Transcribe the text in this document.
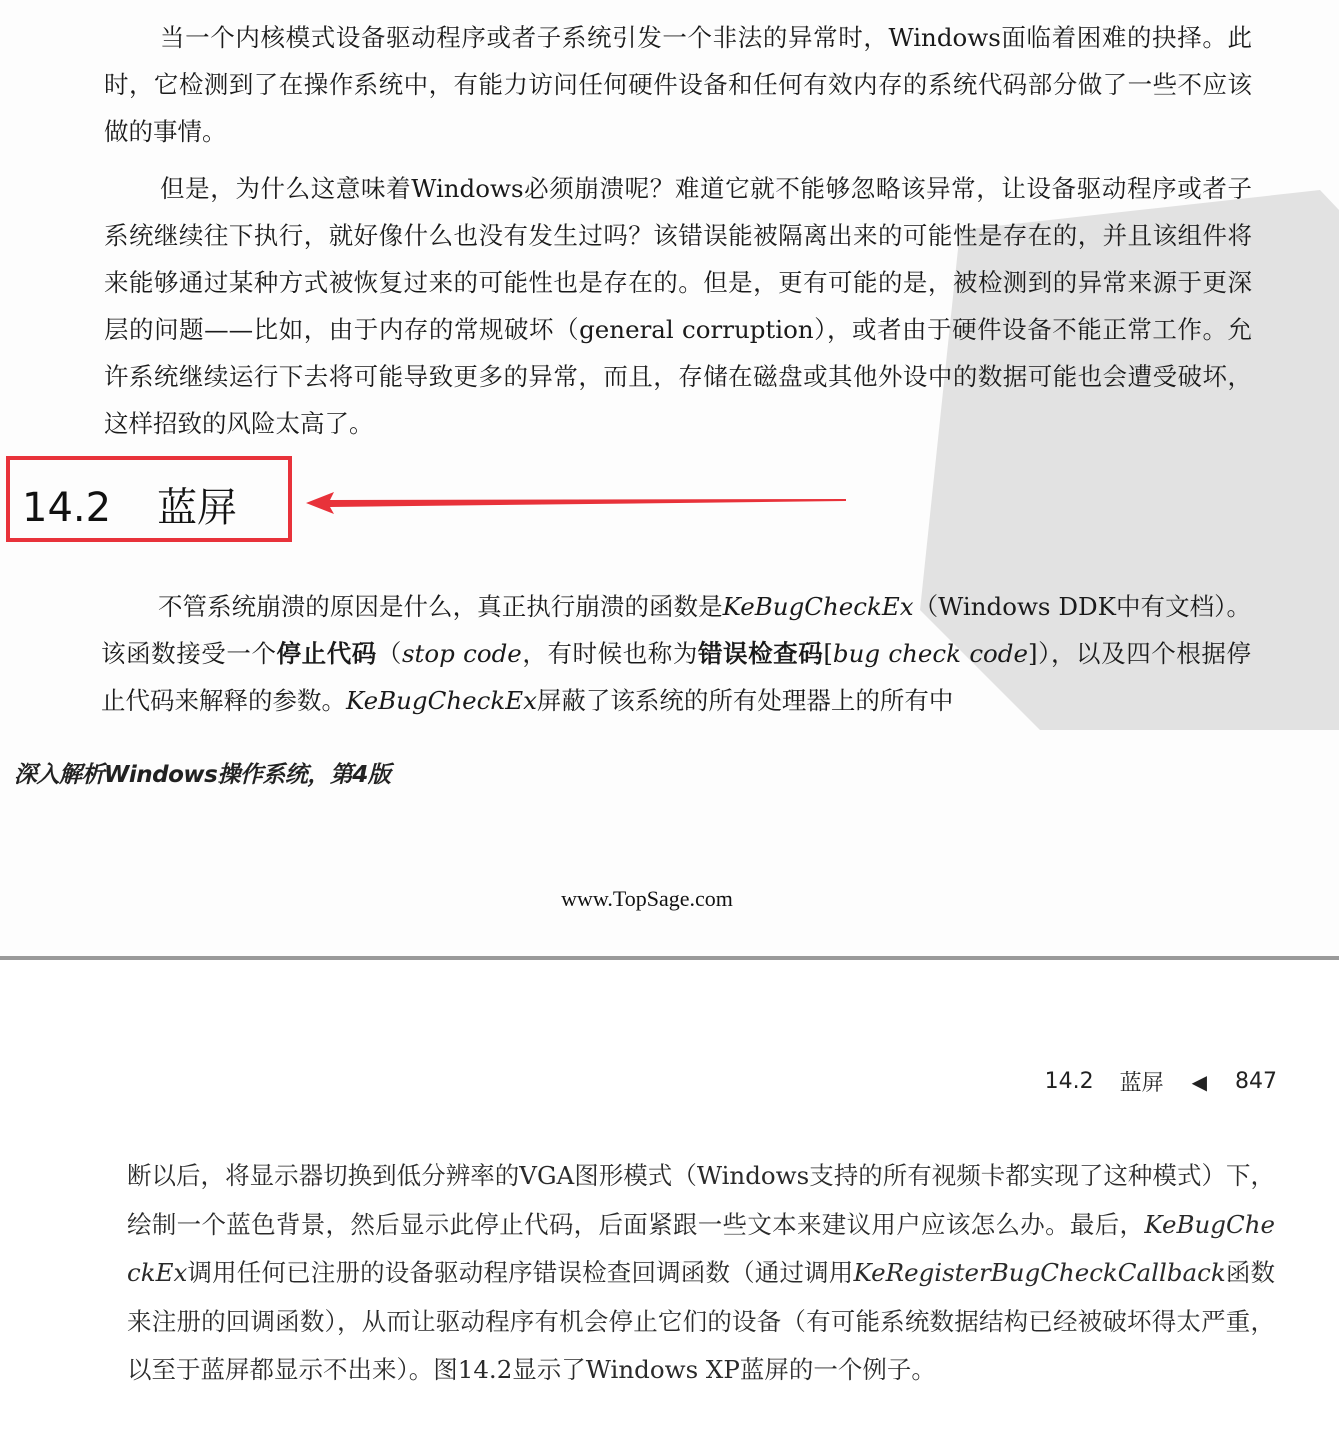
当一个内核模式设备驱动程序或者子系统引发一个非法的异常时，Windows面临着困难的抉择。此时，它检测到了在操作系统中，有能力访问任何硬件设备和任何有效内存的系统代码部分做了一些不应该做的事情。

但是，为什么这意味着Windows必须崩溃呢？难道它就不能够忽略该异常，让设备驱动程序或者子系统继续往下执行，就好像什么也没有发生过吗？该错误能被隔离出来的可能性是存在的，并且该组件将来能够通过某种方式被恢复过来的可能性也是存在的。但是，更有可能的是，被检测到的异常来源于更深层的问题——比如，由于内存的常规破坏（general corruption），或者由于硬件设备不能正常工作。允许系统继续运行下去将可能导致更多的异常，而且，存储在磁盘或其他外设中的数据可能也会遭受破坏，这样招致的风险太高了。

14.2 蓝屏

不管系统崩溃的原因是什么，真正执行崩溃的函数是KeBugCheckEx（Windows DDK中有文档）。该函数接受一个停止代码（stop code，有时候也称为错误检查码[bug check code]），以及四个根据停止代码来解释的参数。KeBugCheckEx屏蔽了该系统的所有处理器上的所有中

深入解析Windows操作系统，第4版
www.TopSage.com
14.2 蓝屏 ◀ 847

断以后，将显示器切换到低分辨率的VGA图形模式（Windows支持的所有视频卡都实现了这种模式）下，绘制一个蓝色背景，然后显示此停止代码，后面紧跟一些文本来建议用户应该怎么办。最后，KeBugCheckEx调用任何已注册的设备驱动程序错误检查回调函数（通过调用KeRegisterBugCheckCallback函数来注册的回调函数），从而让驱动程序有机会停止它们的设备（有可能系统数据结构已经被破坏得太严重，以至于蓝屏都显示不出来）。图14.2显示了Windows XP蓝屏的一个例子。
